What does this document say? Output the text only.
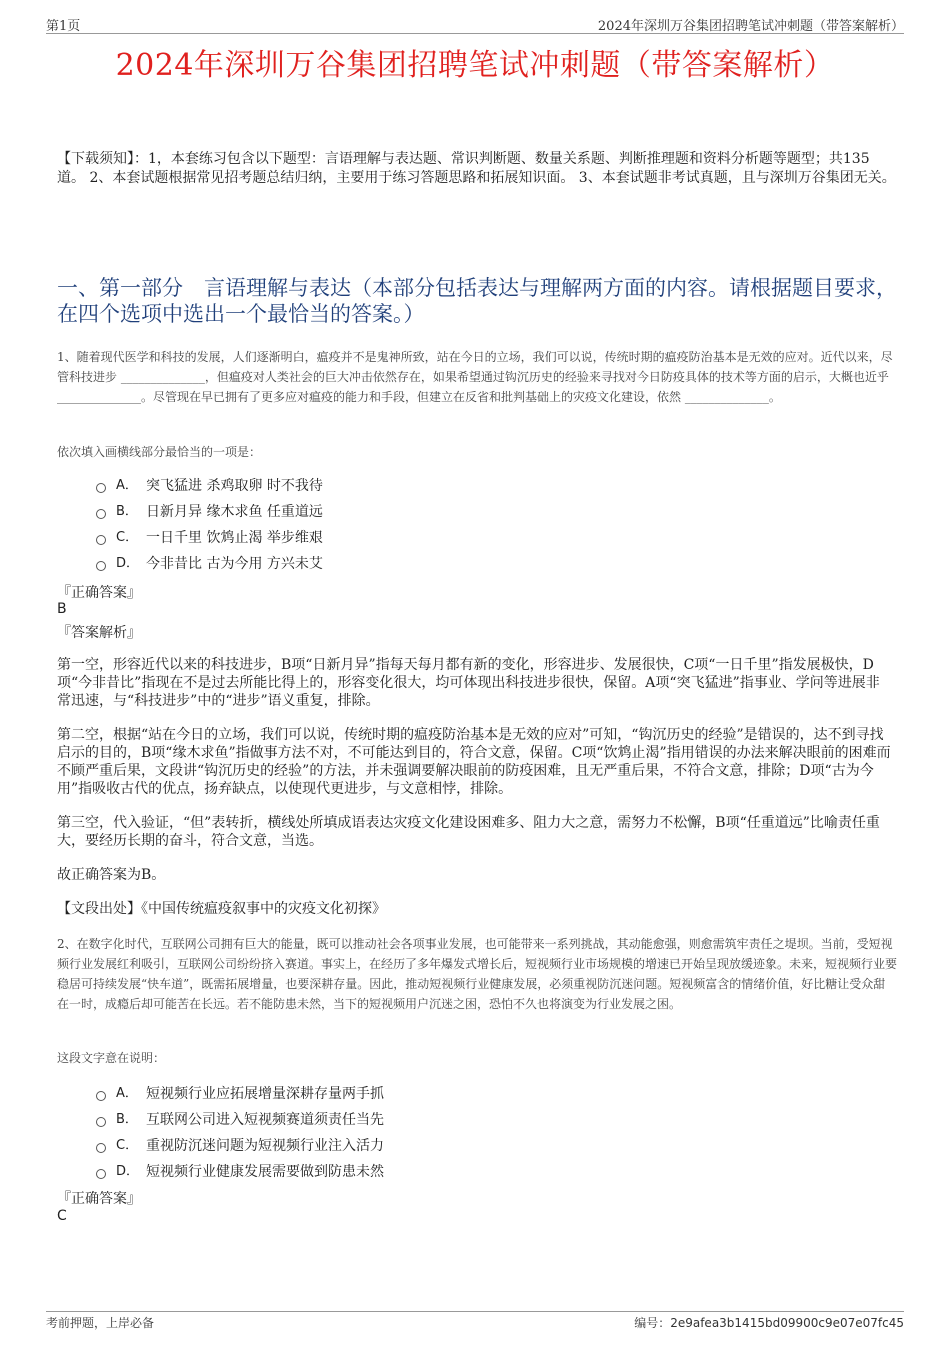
第1页	2024年深圳万谷集团招聘笔试冲刺题（带答案解析）
2024年深圳万谷集团招聘笔试冲刺题（带答案解析）
【下载须知】：1，本套练习包含以下题型：言语理解与表达题、常识判断题、数量关系题、判断推理题和资料分析题等题型；共135道。 2、本套试题根据常见招考题总结归纳，主要用于练习答题思路和拓展知识面。 3、本套试题非考试真题，且与深圳万谷集团无关。
一、第一部分　言语理解与表达（本部分包括表达与理解两方面的内容。请根据题目要求，在四个选项中选出一个最恰当的答案。）
1、随着现代医学和科技的发展，人们逐渐明白，瘟疫并不是鬼神所致，站在今日的立场，我们可以说，传统时期的瘟疫防治基本是无效的应对。近代以来，尽管科技进步 ______________，但瘟疫对人类社会的巨大冲击依然存在，如果希望通过钩沉历史的经验来寻找对今日防疫具体的技术等方面的启示，大概也近乎 ______________。尽管现在早已拥有了更多应对瘟疫的能力和手段，但建立在反省和批判基础上的灾疫文化建设，依然 ______________。
依次填入画横线部分最恰当的一项是：
A． 突飞猛进 杀鸡取卵 时不我待
B． 日新月异 缘木求鱼 任重道远
C． 一日千里 饮鸩止渴 举步维艰
D． 今非昔比 古为今用 方兴未艾
『正确答案』
B
『答案解析』
第一空，形容近代以来的科技进步，B项“日新月异”指每天每月都有新的变化，形容进步、发展很快，C项“一日千里”指发展极快，D项“今非昔比”指现在不是过去所能比得上的，形容变化很大，均可体现出科技进步很快，保留。A项“突飞猛进”指事业、学问等进展非常迅速，与“科技进步”中的“进步”语义重复，排除。
第二空，根据“站在今日的立场，我们可以说，传统时期的瘟疫防治基本是无效的应对”可知，“钩沉历史的经验”是错误的，达不到寻找启示的目的，B项“缘木求鱼”指做事方法不对，不可能达到目的，符合文意，保留。C项“饮鸩止渴”指用错误的办法来解决眼前的困难而不顾严重后果，文段讲“钩沉历史的经验”的方法，并未强调要解决眼前的防疫困难，且无严重后果，不符合文意，排除；D项“古为今用”指吸收古代的优点，扬弃缺点，以使现代更进步，与文意相悖，排除。
第三空，代入验证，“但”表转折，横线处所填成语表达灾疫文化建设困难多、阻力大之意，需努力不松懈，B项“任重道远”比喻责任重大，要经历长期的奋斗，符合文意，当选。
故正确答案为B。
【文段出处】《中国传统瘟疫叙事中的灾疫文化初探》
2、在数字化时代，互联网公司拥有巨大的能量，既可以推动社会各项事业发展，也可能带来一系列挑战，其动能愈强，则愈需筑牢责任之堤坝。当前，受短视频行业发展红利吸引，互联网公司纷纷挤入赛道。事实上，在经历了多年爆发式增长后，短视频行业市场规模的增速已开始呈现放缓迹象。未来，短视频行业要稳居可持续发展“快车道”，既需拓展增量，也要深耕存量。因此，推动短视频行业健康发展，必须重视防沉迷问题。短视频富含的情绪价值，好比糖让受众甜在一时，成瘾后却可能苦在长远。若不能防患未然，当下的短视频用户沉迷之困，恐怕不久也将演变为行业发展之困。
这段文字意在说明：
A． 短视频行业应拓展增量深耕存量两手抓
B． 互联网公司进入短视频赛道须责任当先
C． 重视防沉迷问题为短视频行业注入活力
D． 短视频行业健康发展需要做到防患未然
『正确答案』
C
考前押题，上岸必备	编号：2e9afea3b1415bd09900c9e07e07fc45
